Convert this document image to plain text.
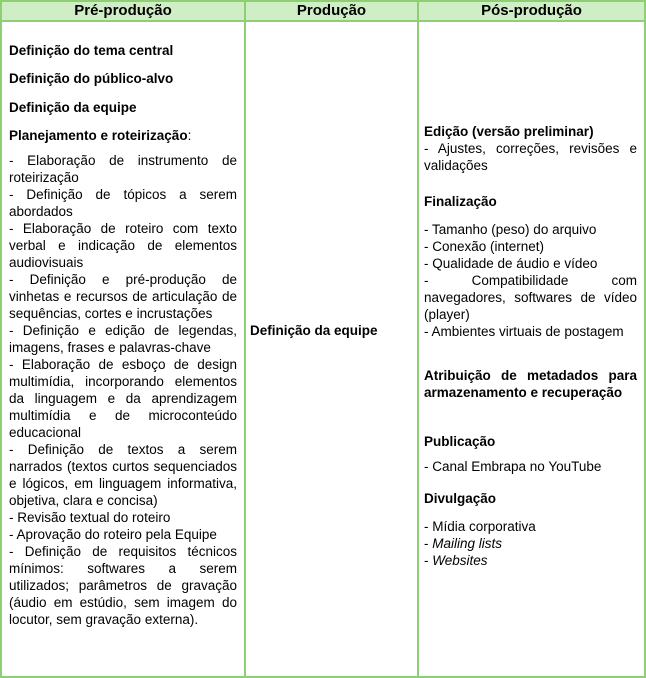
Pré-produção
Definição do tema central
Definição do público-alvo
Definição da equipe
Planejamento e roteirização:
- Elaboração de instrumento de roteirização
- Definição de tópicos a serem abordados
- Elaboração de roteiro com texto verbal e indicação de elementos audiovisuais
- Definição e pré-produção de vinhetas e recursos de articulação de sequências, cortes e incrustações
- Definição e edição de legendas, imagens, frases e palavras-chave
- Elaboração de esboço de design multimídia, incorporando elementos da linguagem e da aprendizagem multimídia e de microconteúdo educacional
- Definição de textos a serem narrados (textos curtos sequenciados e lógicos, em linguagem informativa, objetiva, clara e concisa)
- Revisão textual do roteiro
- Aprovação do roteiro pela Equipe
- Definição de requisitos técnicos mínimos: softwares a serem utilizados; parâmetros de gravação (áudio em estúdio, sem imagem do locutor, sem gravação externa).
Produção
Definição da equipe
Pós-produção
Edição (versão preliminar)
- Ajustes, correções, revisões e validações
Finalização
- Tamanho (peso) do arquivo
- Conexão (internet)
- Qualidade de áudio e vídeo
- Compatibilidade com navegadores, softwares de vídeo (player)
- Ambientes virtuais de postagem
Atribuição de metadados para armazenamento e recuperação
Publicação
- Canal Embrapa no YouTube
Divulgação
- Mídia corporativa
- Mailing lists
- Websites
